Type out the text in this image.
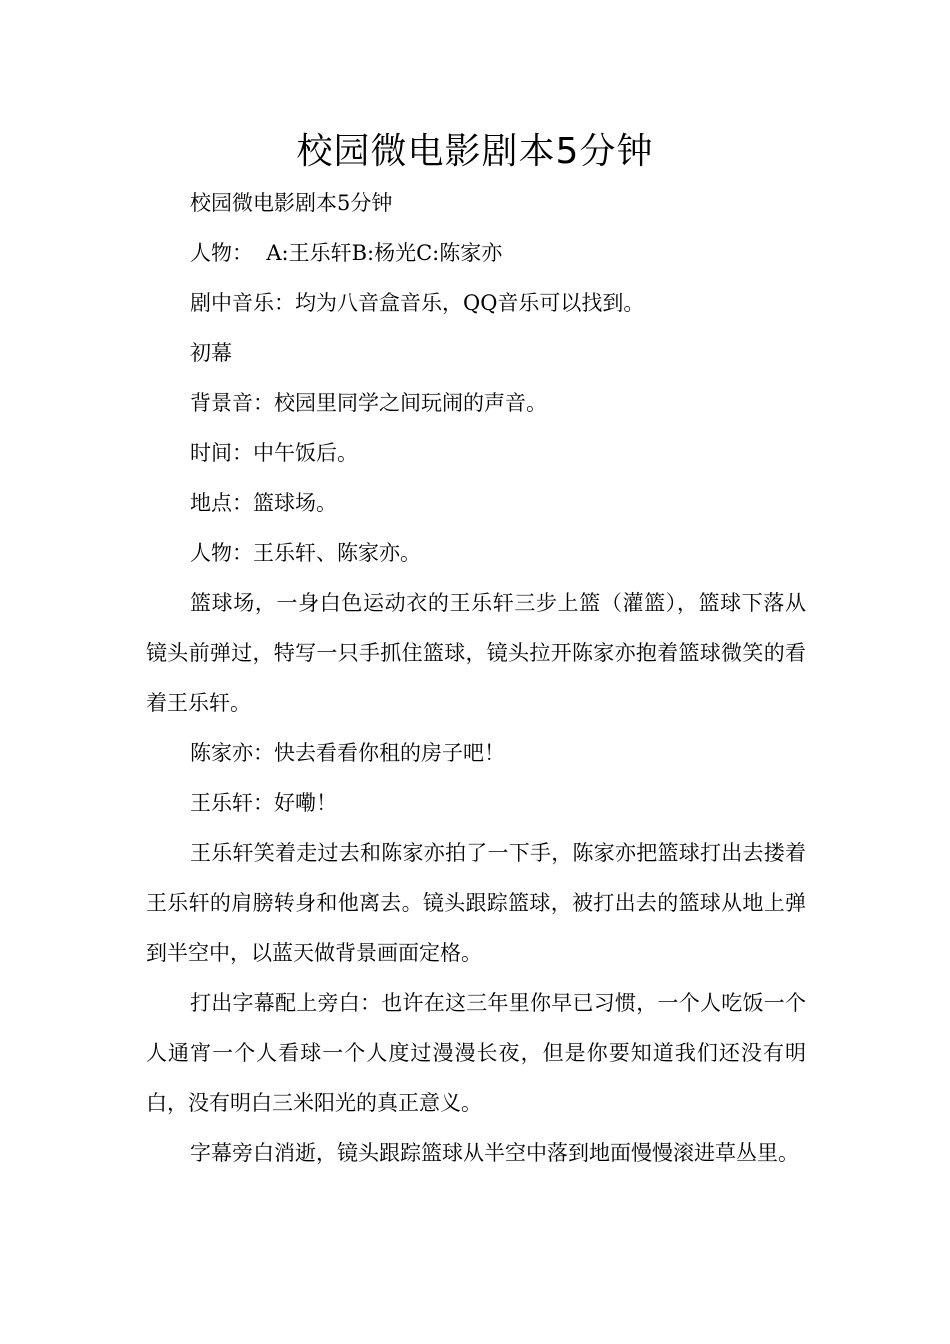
校园微电影剧本5分钟

校园微电影剧本5分钟

人物：  A:王乐轩B:杨光C:陈家亦

剧中音乐：均为八音盒音乐，QQ音乐可以找到。

初幕

背景音：校园里同学之间玩闹的声音。

时间：中午饭后。

地点：篮球场。

人物：王乐轩、陈家亦。

篮球场，一身白色运动衣的王乐轩三步上篮（灌篮），篮球下落从镜头前弹过，特写一只手抓住篮球，镜头拉开陈家亦抱着篮球微笑的看着王乐轩。

陈家亦：快去看看你租的房子吧！

王乐轩：好嘞！

王乐轩笑着走过去和陈家亦拍了一下手，陈家亦把篮球打出去搂着王乐轩的肩膀转身和他离去。镜头跟踪篮球，被打出去的篮球从地上弹到半空中，以蓝天做背景画面定格。

打出字幕配上旁白：也许在这三年里你早已习惯，一个人吃饭一个人通宵一个人看球一个人度过漫漫长夜，但是你要知道我们还没有明白，没有明白三米阳光的真正意义。

字幕旁白消逝，镜头跟踪篮球从半空中落到地面慢慢滚进草丛里。
